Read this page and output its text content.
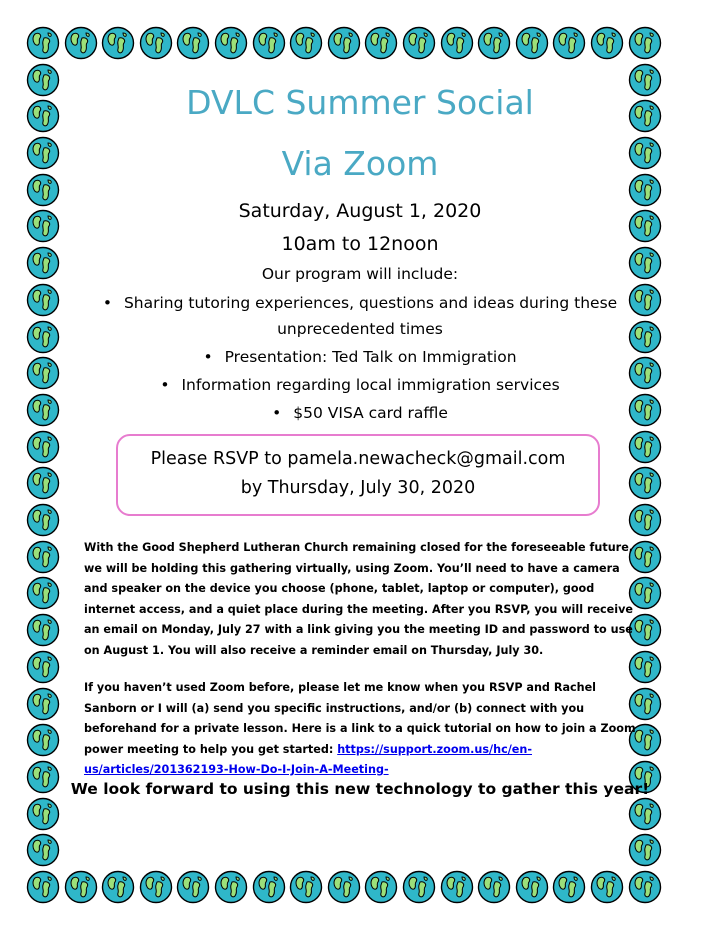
DVLC Summer Social
Via Zoom
Saturday, August 1, 2020
10am to 12noon
Our program will include:
• Sharing tutoring experiences, questions and ideas during these unprecedented times
• Presentation: Ted Talk on Immigration
• Information regarding local immigration services
• $50 VISA card raffle
Please RSVP to pamela.newacheck@gmail.com
by Thursday, July 30, 2020
With the Good Shepherd Lutheran Church remaining closed for the foreseeable future, we will be holding this gathering virtually, using Zoom. You’ll need to have a camera and speaker on the device you choose (phone, tablet, laptop or computer), good internet access, and a quiet place during the meeting. After you RSVP, you will receive an email on Monday, July 27 with a link giving you the meeting ID and password to use on August 1. You will also receive a reminder email on Thursday, July 30.
If you haven’t used Zoom before, please let me know when you RSVP and Rachel Sanborn or I will (a) send you specific instructions, and/or (b) connect with you beforehand for a private lesson. Here is a link to a quick tutorial on how to join a Zoom power meeting to help you get started: https://support.zoom.us/hc/en-us/articles/201362193-How-Do-I-Join-A-Meeting-
We look forward to using this new technology to gather this year!
